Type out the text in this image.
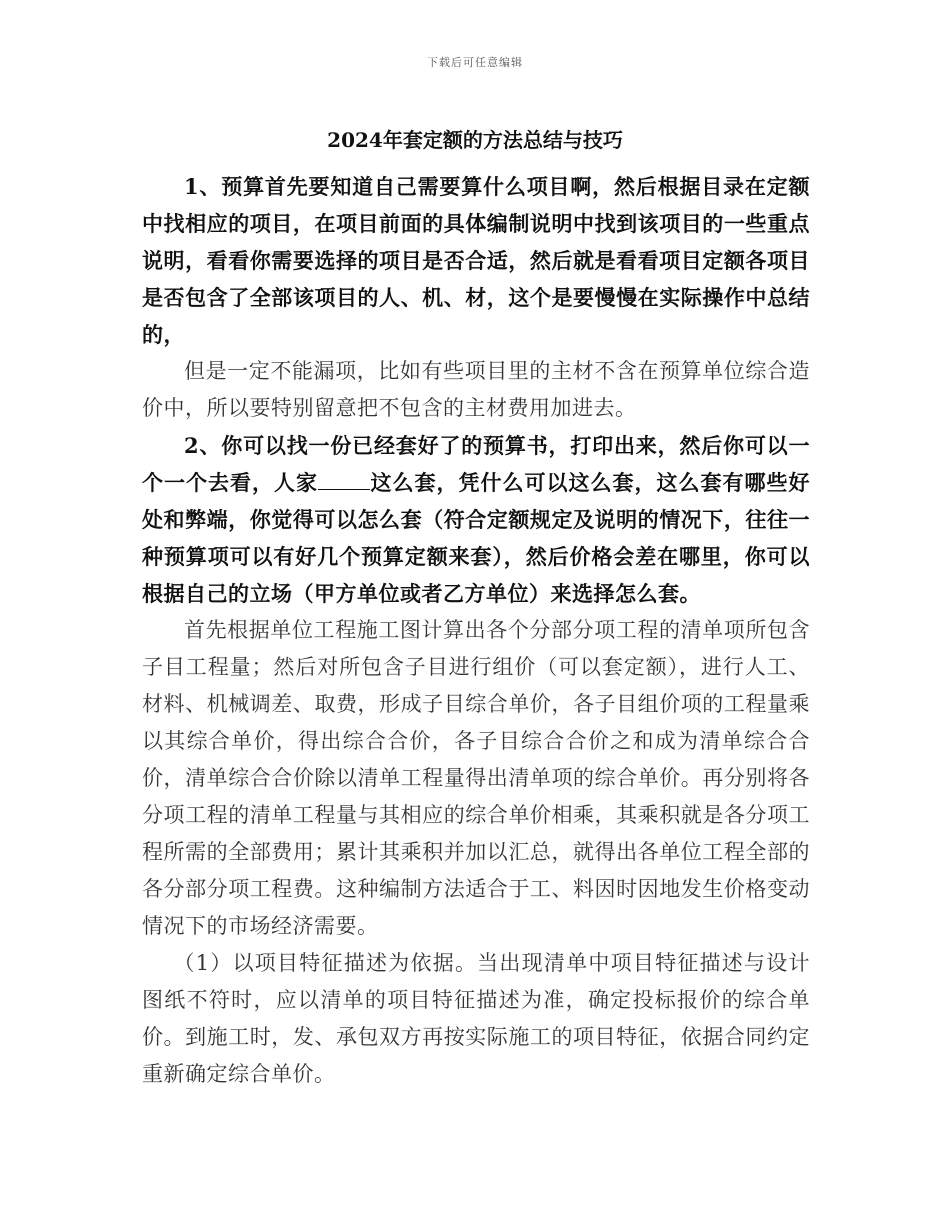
下载后可任意编辑
2024年套定额的方法总结与技巧

1、预算首先要知道自己需要算什么项目啊，然后根据目录在定额中找相应的项目，在项目前面的具体编制说明中找到该项目的一些重点说明，看看你需要选择的项目是否合适，然后就是看看项目定额各项目是否包含了全部该项目的人、机、材，这个是要慢慢在实际操作中总结的，

但是一定不能漏项，比如有些项目里的主材不含在预算单位综合造价中，所以要特别留意把不包含的主材费用加进去。

2、你可以找一份已经套好了的预算书，打印出来，然后你可以一个一个去看，人家 这么套，凭什么可以这么套，这么套有哪些好处和弊端，你觉得可以怎么套（符合定额规定及说明的情况下，往往一种预算项可以有好几个预算定额来套），然后价格会差在哪里，你可以根据自己的立场（甲方单位或者乙方单位）来选择怎么套。

首先根据单位工程施工图计算出各个分部分项工程的清单项所包含子目工程量；然后对所包含子目进行组价（可以套定额），进行人工、材料、机械调差、取费，形成子目综合单价，各子目组价项的工程量乘以其综合单价，得出综合合价，各子目综合合价之和成为清单综合合价，清单综合合价除以清单工程量得出清单项的综合单价。再分别将各分项工程的清单工程量与其相应的综合单价相乘，其乘积就是各分项工程所需的全部费用；累计其乘积并加以汇总，就得出各单位工程全部的各分部分项工程费。这种编制方法适合于工、料因时因地发生价格变动情况下的市场经济需要。

（1）以项目特征描述为依据。当出现清单中项目特征描述与设计图纸不符时，应以清单的项目特征描述为准，确定投标报价的综合单价。到施工时，发、承包双方再按实际施工的项目特征，依据合同约定重新确定综合单价。
